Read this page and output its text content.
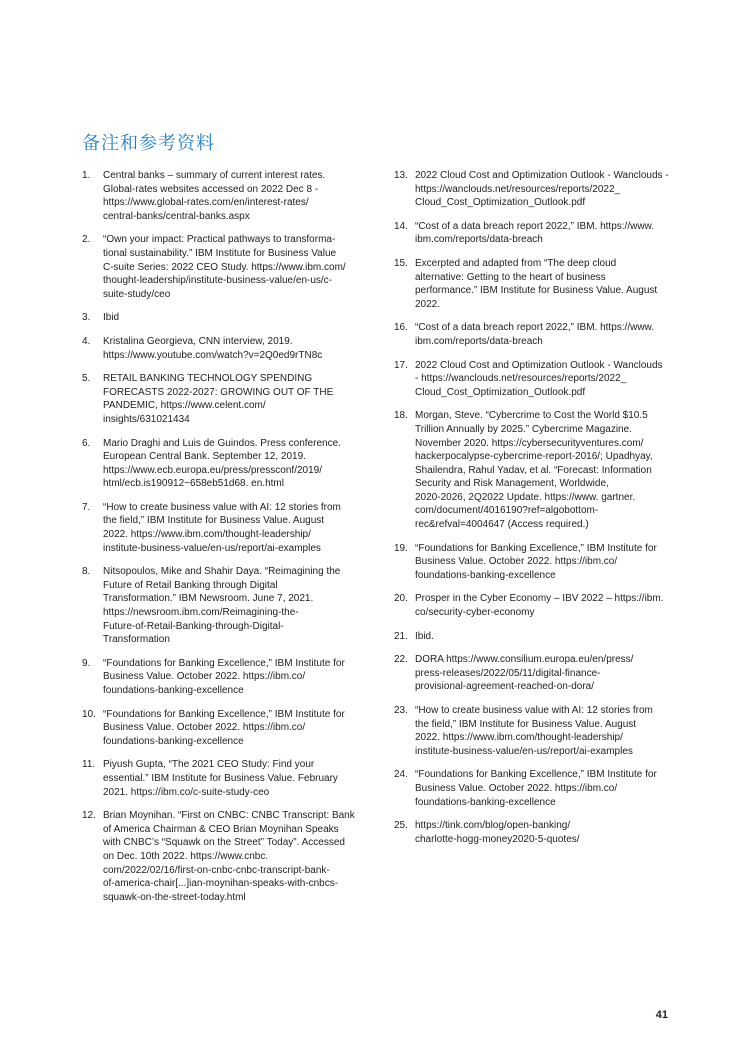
备注和参考资料
1.	Central banks – summary of current interest rates.
Global-rates websites accessed on 2022 Dec 8 -
https://www.global-rates.com/en/interest-rates/
central-banks/central-banks.aspx
2.	“Own your impact: Practical pathways to transforma-
tional sustainability.” IBM Institute for Business Value
C-suite Series: 2022 CEO Study. https://www.ibm.com/
thought-leadership/institute-business-value/en-us/c-
suite-study/ceo
3.	Ibid
4.	Kristalina Georgieva, CNN interview, 2019.
https://www.youtube.com/watch?v=2Q0ed9rTN8c
5.	RETAIL BANKING TECHNOLOGY SPENDING
FORECASTS 2022-2027: GROWING OUT OF THE
PANDEMIC, https://www.celent.com/
insights/631021434
6.	Mario Draghi and Luis de Guindos. Press conference.
European Central Bank. September 12, 2019.
https://www.ecb.europa.eu/press/pressconf/2019/
html/ecb.is190912~658eb51d68. en.html
7.	“How to create business value with AI: 12 stories from
the field,” IBM Institute for Business Value. August
2022. https://www.ibm.com/thought-leadership/
institute-business-value/en-us/report/ai-examples
8.	Nitsopoulos, Mike and Shahir Daya. “Reimagining the
Future of Retail Banking through Digital
Transformation.” IBM Newsroom. June 7, 2021.
https://newsroom.ibm.com/Reimagining-the-
Future-of-Retail-Banking-through-Digital-
Transformation
9.	“Foundations for Banking Excellence,” IBM Institute for
Business Value. October 2022. https://ibm.co/
foundations-banking-excellence
10. “Foundations for Banking Excellence,” IBM Institute for
Business Value. October 2022. https://ibm.co/
foundations-banking-excellence
11. Piyush Gupta, “The 2021 CEO Study: Find your
essential.” IBM Institute for Business Value. February
2021. https://ibm.co/c-suite-study-ceo
12. Brian Moynihan. “First on CNBC: CNBC Transcript: Bank
of America Chairman & CEO Brian Moynihan Speaks
with CNBC’s “Squawk on the Street” Today”. Accessed
on Dec. 10th 2022. https://www.cnbc.
com/2022/02/16/first-on-cnbc-cnbc-transcript-bank-
of-america-chair[...]ian-moynihan-speaks-with-cnbcs-
squawk-on-the-street-today.html
13. 2022 Cloud Cost and Optimization Outlook - Wanclouds -
https://wanclouds.net/resources/reports/2022_
Cloud_Cost_Optimization_Outlook.pdf
14. “Cost of a data breach report 2022,” IBM. https://www.
ibm.com/reports/data-breach
15. Excerpted and adapted from “The deep cloud
alternative: Getting to the heart of business
performance.” IBM Institute for Business Value. August
2022.
16. “Cost of a data breach report 2022,” IBM. https://www.
ibm.com/reports/data-breach
17. 2022 Cloud Cost and Optimization Outlook - Wanclouds
- https://wanclouds.net/resources/reports/2022_
Cloud_Cost_Optimization_Outlook.pdf
18. Morgan, Steve. “Cybercrime to Cost the World $10.5
Trillion Annually by 2025.” Cybercrime Magazine.
November 2020. https://cybersecurityventures.com/
hackerpocalypse-cybercrime-report-2016/; Upadhyay,
Shailendra, Rahul Yadav, et al. “Forecast: Information
Security and Risk Management, Worldwide,
2020-2026, 2Q2022 Update. https://www. gartner.
com/document/4016190?ref=algobottom-
rec&refval=4004647 (Access required.)
19. “Foundations for Banking Excellence,” IBM Institute for
Business Value. October 2022. https://ibm.co/
foundations-banking-excellence
20. Prosper in the Cyber Economy – IBV 2022 – https://ibm.
co/security-cyber-economy
21. Ibid.
22. DORA https://www.consilium.europa.eu/en/press/
press-releases/2022/05/11/digital-finance-
provisional-agreement-reached-on-dora/
23. “How to create business value with AI: 12 stories from
the field,” IBM Institute for Business Value. August
2022. https://www.ibm.com/thought-leadership/
institute-business-value/en-us/report/ai-examples
24. “Foundations for Banking Excellence,” IBM Institute for
Business Value. October 2022. https://ibm.co/
foundations-banking-excellence
25. https://tink.com/blog/open-banking/
charlotte-hogg-money2020-5-quotes/
41
